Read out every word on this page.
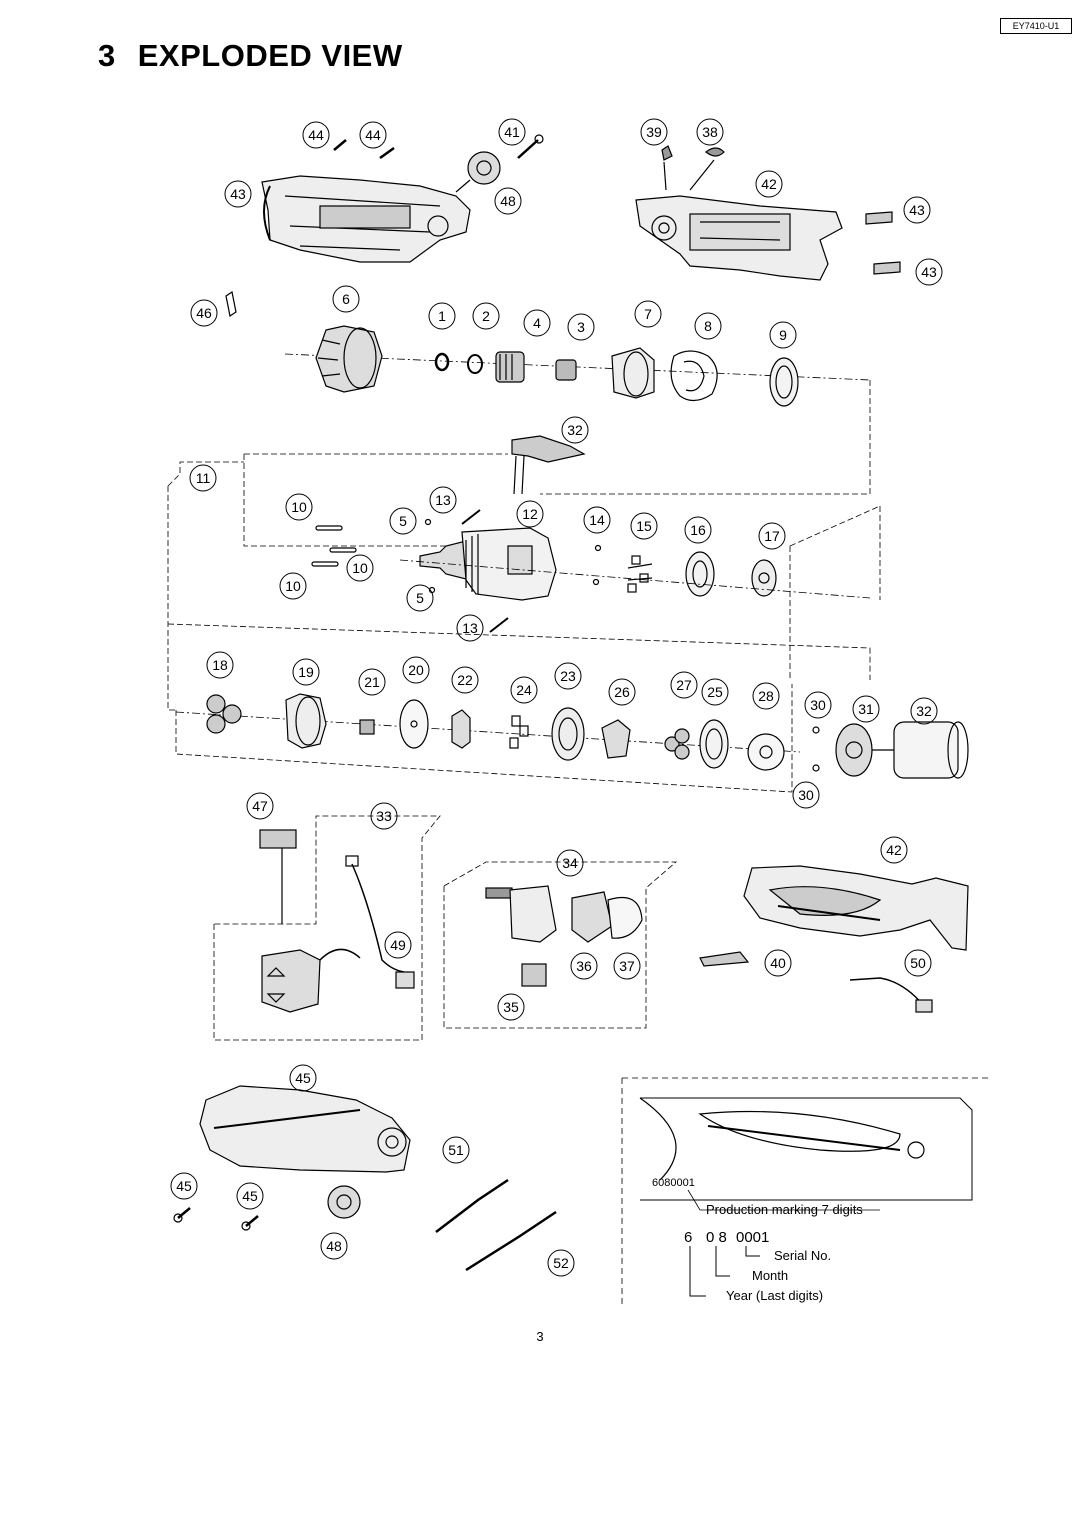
EY7410-U1
3 EXPLODED VIEW
44	44	41	39	38
43	48
42
43
43
46
6
1	2	4	3
7
8
9
32
11
10	13
5	12	14 15	16	17
10
10
5
13
18	19
21
20
22
24
23
26	27 25	28
30 31	32
30
47
33
34
42
49
36 37	40	50
35
45
51
45
45
48
52
6080001
Production marking 7 digits
6 0 8 0001
Serial No.
Month
Year (Last digits)
3
